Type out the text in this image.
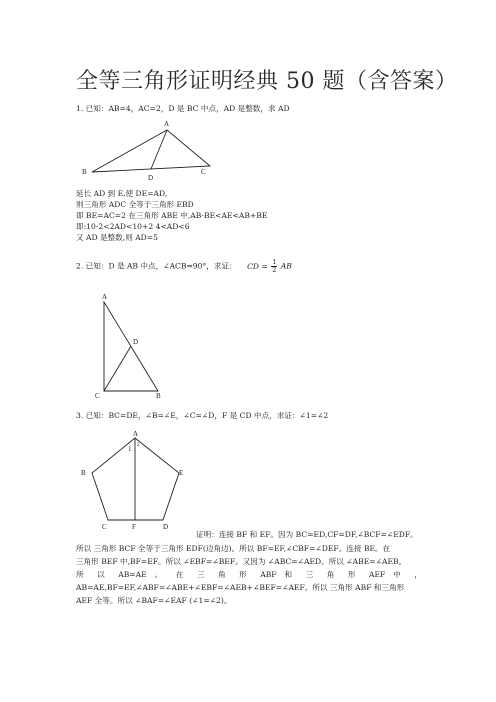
全等三角形证明经典 50 题（含答案）
1. 已知：AB=4，AC=2，D 是 BC 中点，AD 是整数，求 AD
A
B	C
D
延长 AD 到 E,使 DE=AD,
则三角形 ADC 全等于三角形 EBD
即 BE=AC=2 在三角形 ABE 中,AB-BE<AE<AB+BE
即:10-2<2AD<10+2 4<AD<6
又 AD 是整数,则 AD=5
2. 已知：D 是 AB 中点，∠ACB=90°，求证： CD = $\frac{1}{2}$ AB
A
D
C	B
3. 已知：BC=DE，∠B=∠E，∠C=∠D，F 是 CD 中点，求证：∠1=∠2
A
1 2
B	E
C	F	D
证明：连接 BF 和 EF。因为 BC=ED,CF=DF,∠BCF=∠EDF。
所以 三角形 BCF 全等于三角形 EDF(边角边)。所以 BF=EF,∠CBF=∠DEF。连接 BE。在
三角形 BEF 中,BF=EF。所以 ∠EBF=∠BEF。又因为 ∠ABC=∠AED。所以 ∠ABE=∠AEB。
所 以 AB=AE 。 在 三 角 形 ABF 和 三 角 形 AEF 中 ，
AB=AE,BF=EF,∠ABF=∠ABE+∠EBF=∠AEB+∠BEF=∠AEF。所以 三角形 ABF 和三角形
AEF 全等。所以 ∠BAF=∠EAF (∠1=∠2)。
